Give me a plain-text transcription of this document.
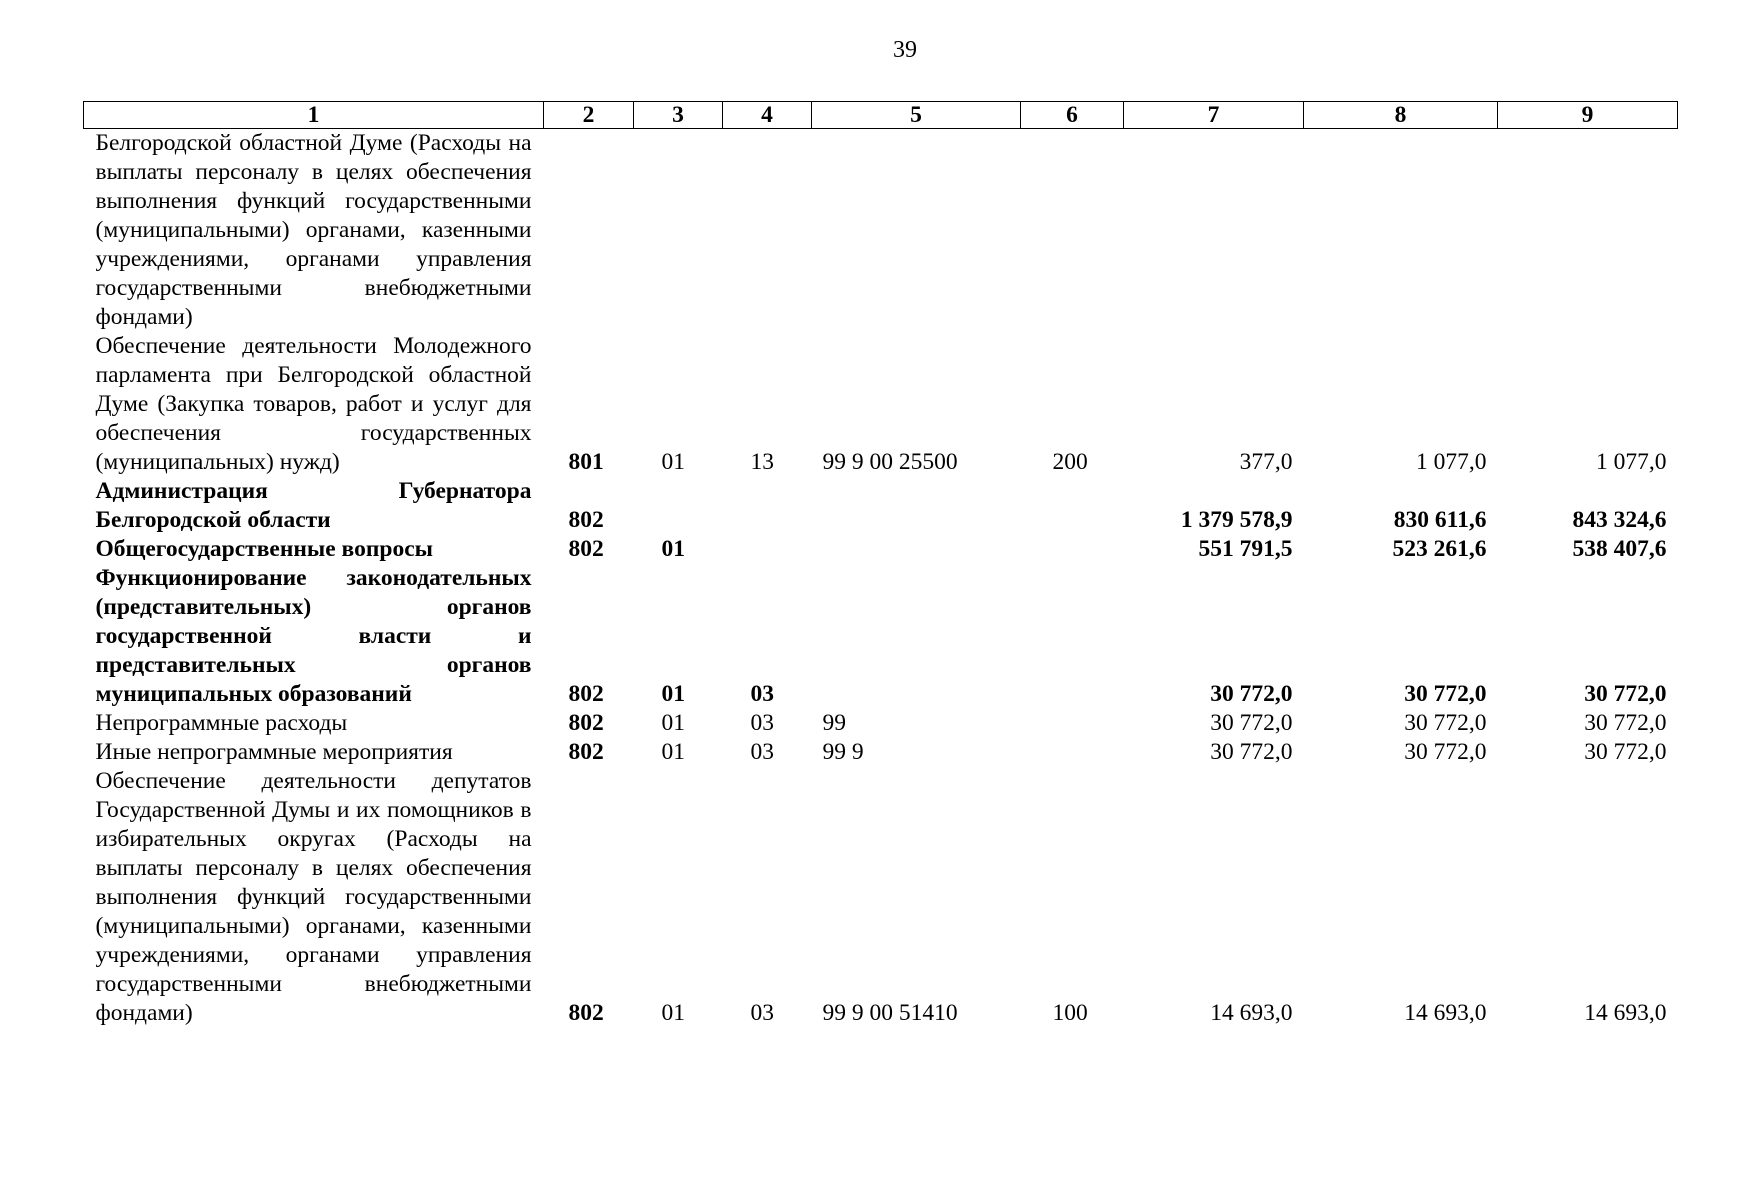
39
1	2	3	4	5	6	7	8	9
Белгородской областной Думе (Расходы на выплаты персоналу в целях обеспечения выполнения функций государственными (муниципальными) органами, казенными учреждениями, органами управления государственными внебюджетными фондами)								
Обеспечение деятельности Молодежного парламента при Белгородской областной Думе (Закупка товаров, работ и услуг для обеспечения государственных (муниципальных) нужд)	801	01	13	99 9 00 25500	200	377,0	1 077,0	1 077,0
Администрация Губернатора Белгородской области	802					1 379 578,9	830 611,6	843 324,6
Общегосударственные вопросы	802	01				551 791,5	523 261,6	538 407,6
Функционирование законодательных (представительных) органов государственной власти и представительных органов муниципальных образований	802	01	03			30 772,0	30 772,0	30 772,0
Непрограммные расходы	802	01	03	99		30 772,0	30 772,0	30 772,0
Иные непрограммные мероприятия	802	01	03	99 9		30 772,0	30 772,0	30 772,0
Обеспечение деятельности депутатов Государственной Думы и их помощников в избирательных округах (Расходы на выплаты персоналу в целях обеспечения выполнения функций государственными (муниципальными) органами, казенными учреждениями, органами управления государственными внебюджетными фондами)	802	01	03	99 9 00 51410	100	14 693,0	14 693,0	14 693,0
